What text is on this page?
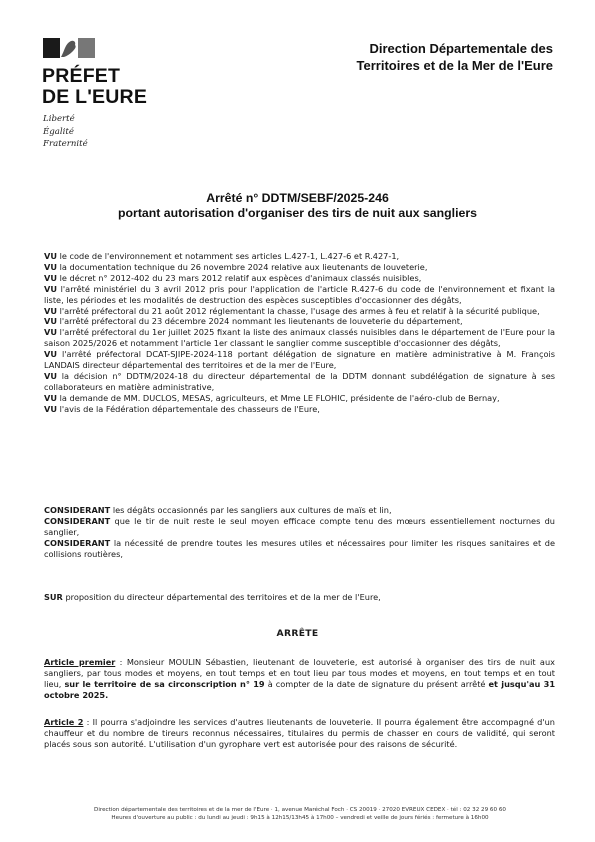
PRÉFET
DE L'EURE
Liberté
Égalité
Fraternité
Direction Départementale des
Territoires et de la Mer de l'Eure
Arrêté n° DDTM/SEBF/2025-246
portant autorisation d'organiser des tirs de nuit aux sangliers

VU le code de l'environnement et notamment ses articles L.427-1, L.427-6 et R.427-1,

VU la documentation technique du 26 novembre 2024 relative aux lieutenants de louveterie,

VU le décret n° 2012-402 du 23 mars 2012 relatif aux espèces d'animaux classés nuisibles,

VU l'arrêté ministériel du 3 avril 2012 pris pour l'application de l'article R.427-6 du code de l'environnement et fixant la liste, les périodes et les modalités de destruction des espèces susceptibles d'occasionner des dégâts,

VU l'arrêté préfectoral du 21 août 2012 réglementant la chasse, l'usage des armes à feu et relatif à la sécurité publique,

VU l'arrêté préfectoral du 23 décembre 2024 nommant les lieutenants de louveterie du département,

VU l'arrêté préfectoral du 1er juillet 2025 fixant la liste des animaux classés nuisibles dans le département de l'Eure pour la saison 2025/2026 et notamment l'article 1er classant le sanglier comme susceptible d'occasionner des dégâts,

VU l'arrêté préfectoral DCAT-SJIPE-2024-118 portant délégation de signature en matière administrative à M. François LANDAIS directeur départemental des territoires et de la mer de l'Eure,

VU la décision n° DDTM/2024-18 du directeur départemental de la DDTM donnant subdélégation de signature à ses collaborateurs en matière administrative,

VU la demande de MM. DUCLOS, MESAS, agriculteurs, et Mme LE FLOHIC, présidente de l'aéro-club de Bernay,

VU l'avis de la Fédération départementale des chasseurs de l'Eure,

CONSIDERANT les dégâts occasionnés par les sangliers aux cultures de maïs et lin,

CONSIDERANT que le tir de nuit reste le seul moyen efficace compte tenu des mœurs essentiellement nocturnes du sanglier,

CONSIDERANT la nécessité de prendre toutes les mesures utiles et nécessaires pour limiter les risques sanitaires et de collisions routières,

SUR proposition du directeur départemental des territoires et de la mer de l'Eure,

ARRÊTE

Article premier : Monsieur MOULIN Sébastien, lieutenant de louveterie, est autorisé à organiser des tirs de nuit aux sangliers, par tous modes et moyens, en tout temps et en tout lieu par tous modes et moyens, en tout temps et en tout lieu, sur le territoire de sa circonscription n° 19 à compter de la date de signature du présent arrêté et jusqu'au 31 octobre 2025.

Article 2 : Il pourra s'adjoindre les services d'autres lieutenants de louveterie. Il pourra également être accompagné d'un chauffeur et du nombre de tireurs reconnus nécessaires, titulaires du permis de chasser en cours de validité, qui seront placés sous son autorité. L'utilisation d'un gyrophare vert est autorisée pour des raisons de sécurité.

Direction départementale des territoires et de la mer de l'Eure · 1, avenue Maréchal Foch · CS 20019 · 27020 EVREUX CEDEX · tél : 02 32 29 60 60
Heures d'ouverture au public : du lundi au jeudi : 9h15 à 12h15/13h45 à 17h00 – vendredi et veille de jours fériés : fermeture à 16h00
